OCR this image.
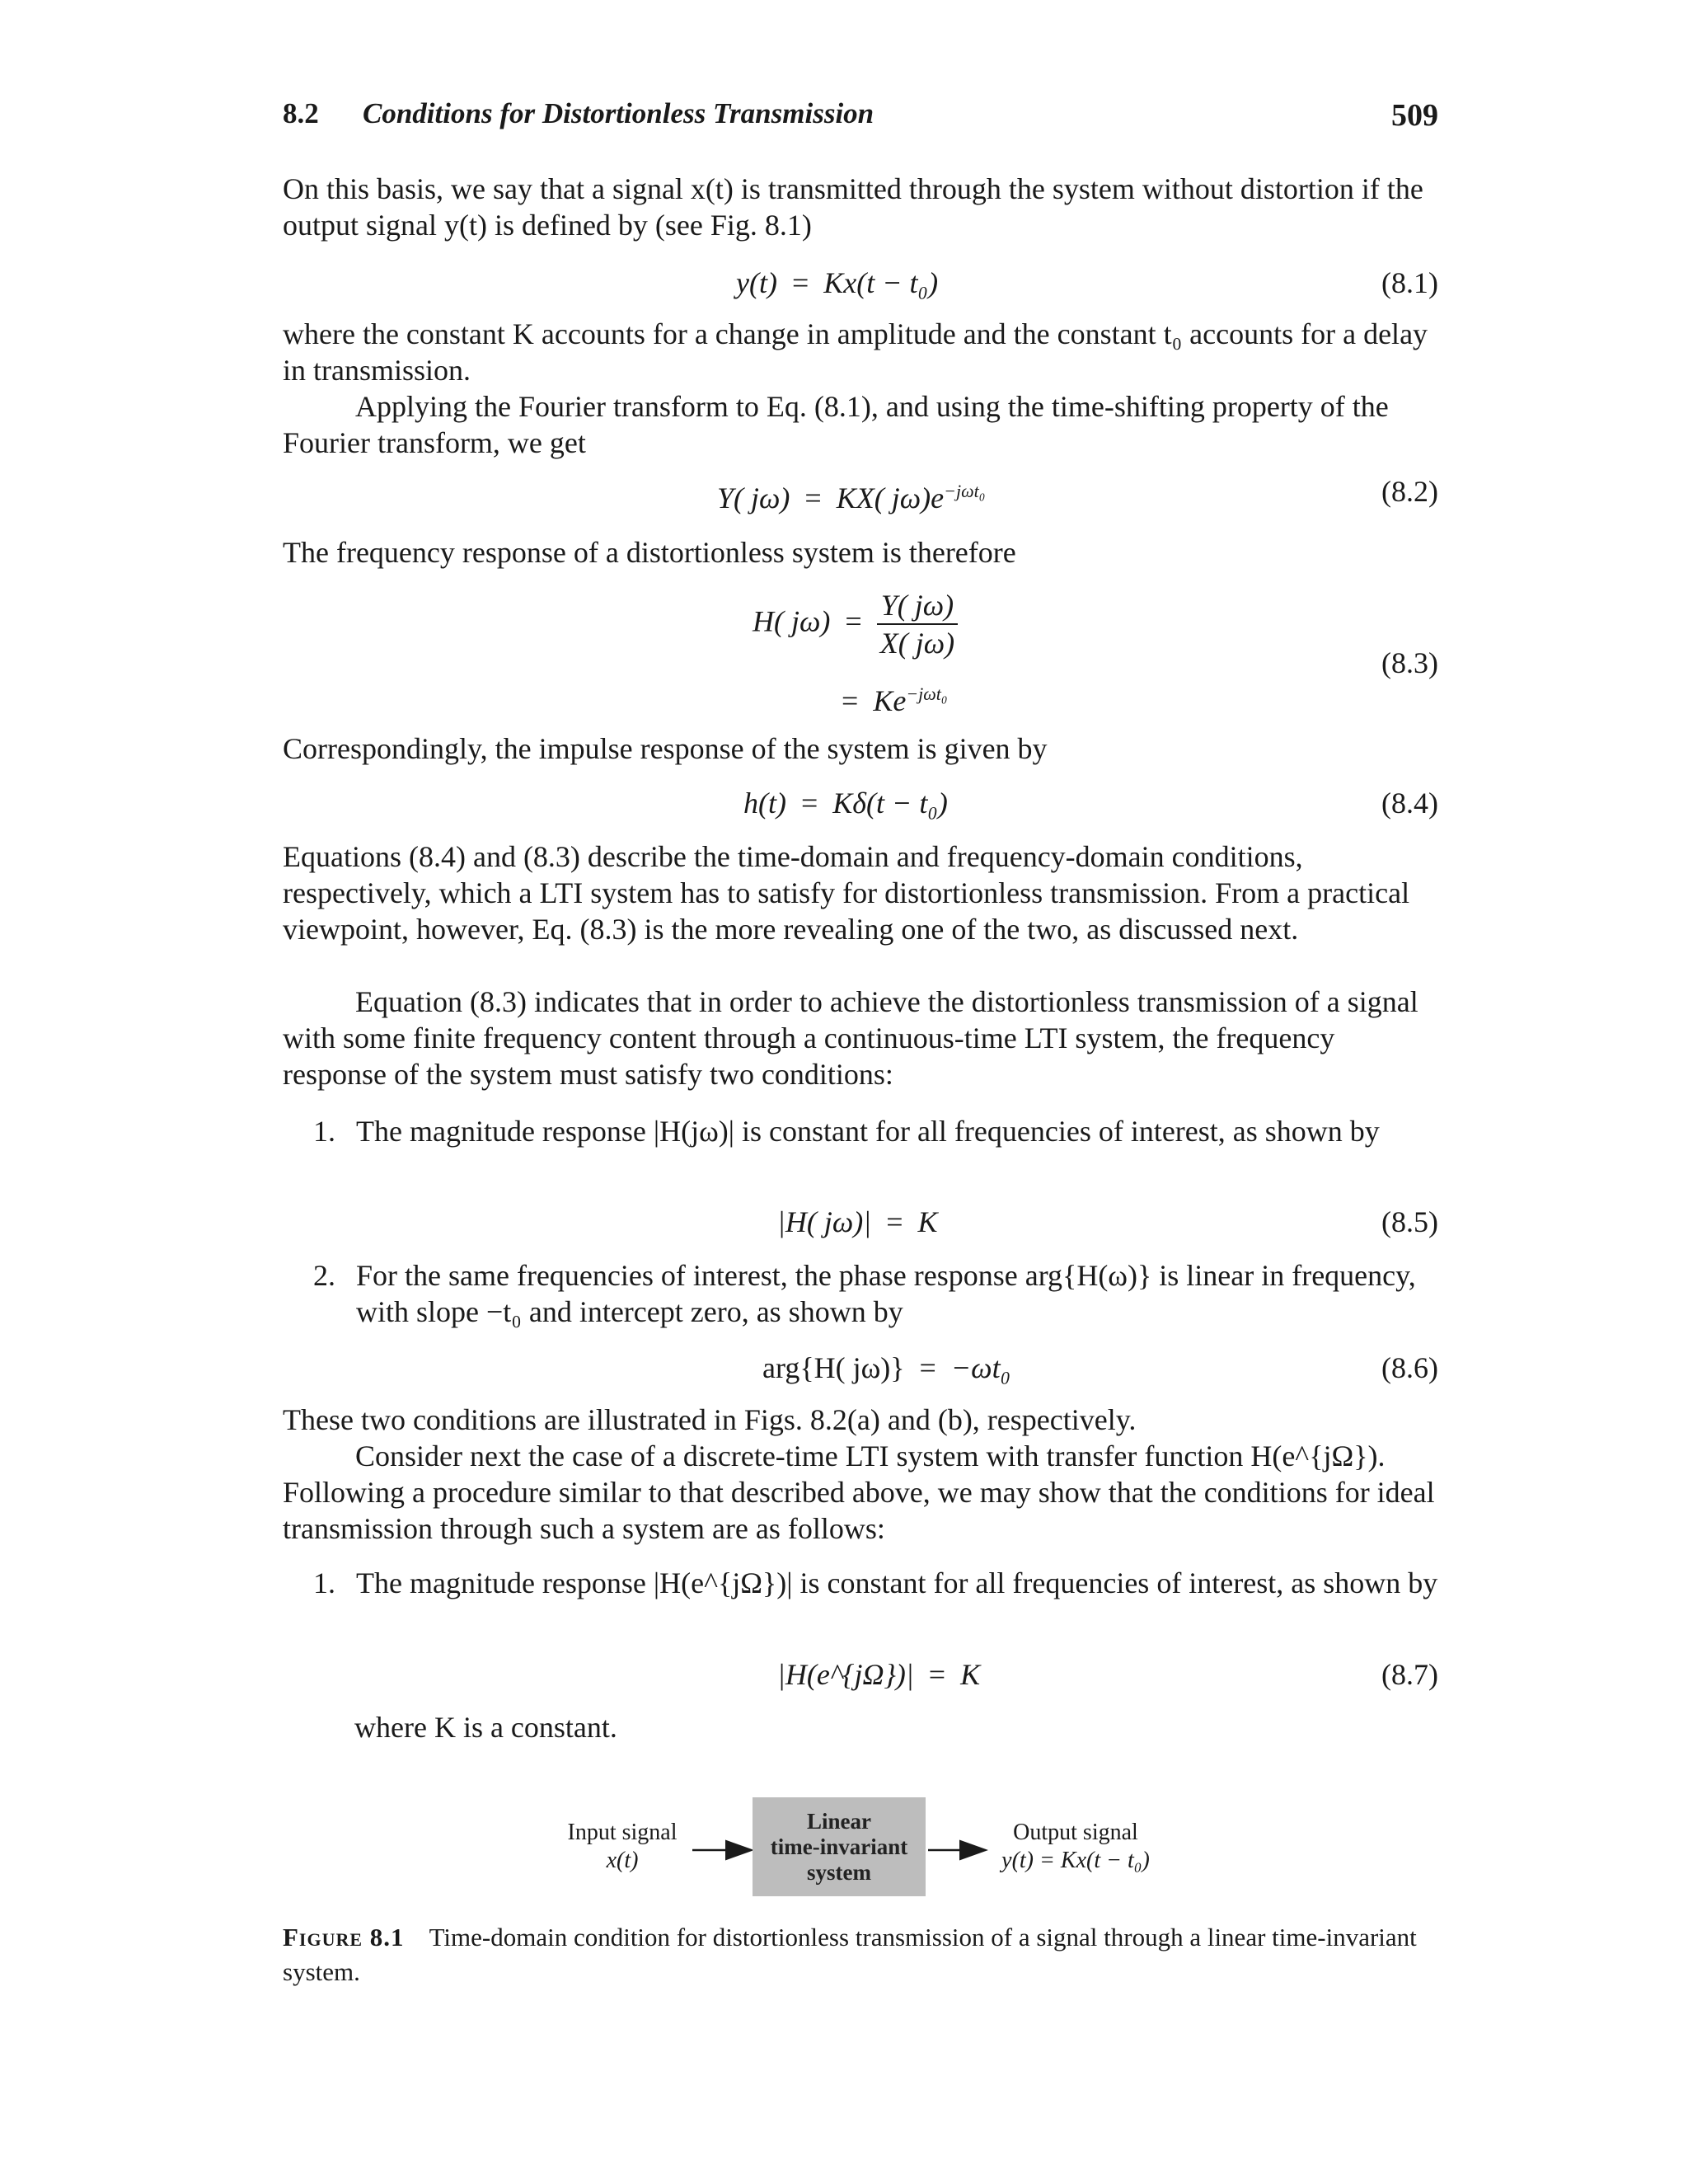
8.2 Conditions for Distortionless Transmission	509

On this basis, we say that a signal x(t) is transmitted through the system without distortion if the output signal y(t) is defined by (see Fig. 8.1)

y(t) = Kx(t − t₀)	(8.1)

where the constant K accounts for a change in amplitude and the constant t₀ accounts for a delay in transmission.

Applying the Fourier transform to Eq. (8.1), and using the time-shifting property of the Fourier transform, we get

Y( jω) = KX( $j\omega)e^{-j\omega t_0}$	(8.2)

The frequency response of a distortionless system is therefore

H( $j\omega) = \frac{Y( j\omega)}{X( j\omega)}$
= $Ke^{-j\omega t_0}$
(8.3)

Correspondingly, the impulse response of the system is given by

h(t) = Kδ(t − t₀)	(8.4)

Equations (8.4) and (8.3) describe the time-domain and frequency-domain conditions, respectively, which a LTI system has to satisfy for distortionless transmission. From a practical viewpoint, however, Eq. (8.3) is the more revealing one of the two, as discussed next.

Equation (8.3) indicates that in order to achieve the distortionless transmission of a signal with some finite frequency content through a continuous-time LTI system, the frequency response of the system must satisfy two conditions:

1. The magnitude response |H(jω)| is constant for all frequencies of interest, as shown by
|H( jω)| = K	(8.5)
2. For the same frequencies of interest, the phase response arg{H(ω)} is linear in frequency, with slope −t₀ and intercept zero, as shown by
arg{H( jω)} = −ωt₀	(8.6)

These two conditions are illustrated in Figs. 8.2(a) and (b), respectively.

Consider next the case of a discrete-time LTI system with transfer function H(e^{jΩ}). Following a procedure similar to that described above, we may show that the conditions for ideal transmission through such a system are as follows:

1. The magnitude response |H(e^{jΩ})| is constant for all frequencies of interest, as shown by
|H(e^{jΩ})| = K	(8.7)

where K is a constant.

Input signal
x(t)
Linear
time-invariant
system
Output signal
y(t) = Kx(t − t₀)
Figure 8.1 Time-domain condition for distortionless transmission of a signal through a linear time-invariant system.
